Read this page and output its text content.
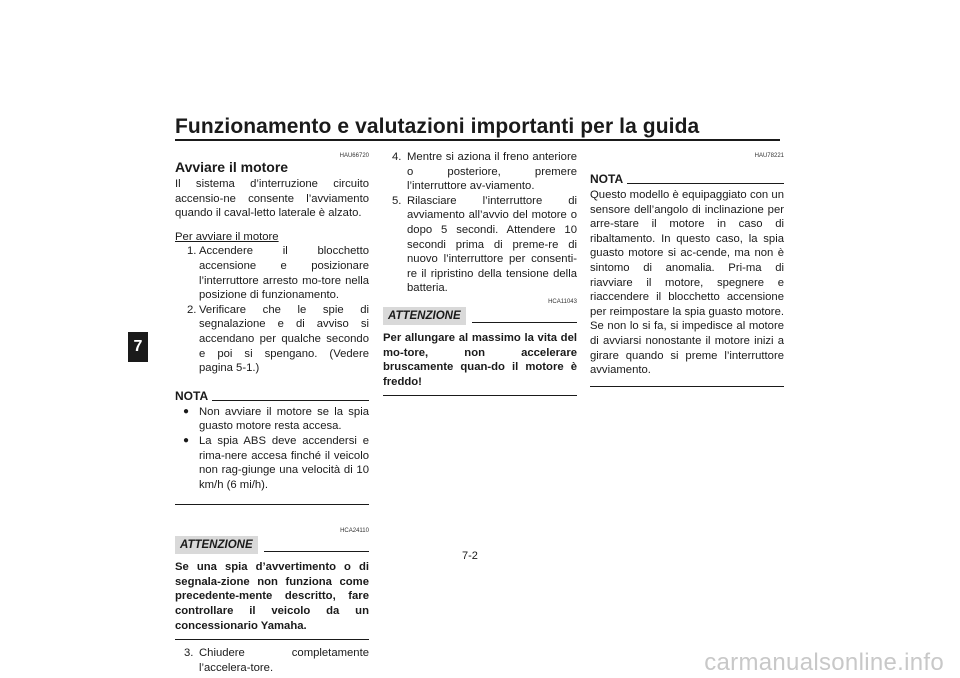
Funzionamento e valutazioni importanti per la guida
7
HAU66720
Avviare il motore

Il sistema d’interruzione circuito accensio-ne consente l’avviamento quando il caval-letto laterale è alzato.

Per avviare il motore

1. Accendere il blocchetto accensione e posizionare l’interruttore arresto mo-tore nella posizione di funzionamento.
2. Verificare che le spie di segnalazione e di avviso si accendano per qualche secondo e poi si spengano. (Vedere pagina 5-1.)
NOTA
● Non avviare il motore se la spia guasto motore resta accesa.
● La spia ABS deve accendersi e rima-nere accesa finché il veicolo non rag-giunge una velocità di 10 km/h (6 mi/h).
HCA24110
ATTENZIONE

Se una spia d’avvertimento o di segnala-zione non funziona come precedente-mente descritto, fare controllare il veicolo da un concessionario Yamaha.

3. Chiudere completamente l’accelera-tore.
4. Mentre si aziona il freno anteriore o posteriore, premere l’interruttore av-viamento.
5. Rilasciare l’interruttore di avviamento all’avvio del motore o dopo 5 secondi. Attendere 10 secondi prima di preme-re di nuovo l’interruttore per consenti-re il ripristino della tensione della batteria.
HCA11043
ATTENZIONE

Per allungare al massimo la vita del mo-tore, non accelerare bruscamente quan-do il motore è freddo!

HAU78221
NOTA

Questo modello è equipaggiato con un sensore dell’angolo di inclinazione per arre-stare il motore in caso di ribaltamento. In questo caso, la spia guasto motore si ac-cende, ma non è sintomo di anomalia. Pri-ma di riavviare il motore, spegnere e riaccendere il blocchetto accensione per reimpostare la spia guasto motore. Se non lo si fa, si impedisce al motore di avviarsi nonostante il motore inizi a girare quando si preme l’interruttore avviamento.

7-2
carmanualsonline.info
